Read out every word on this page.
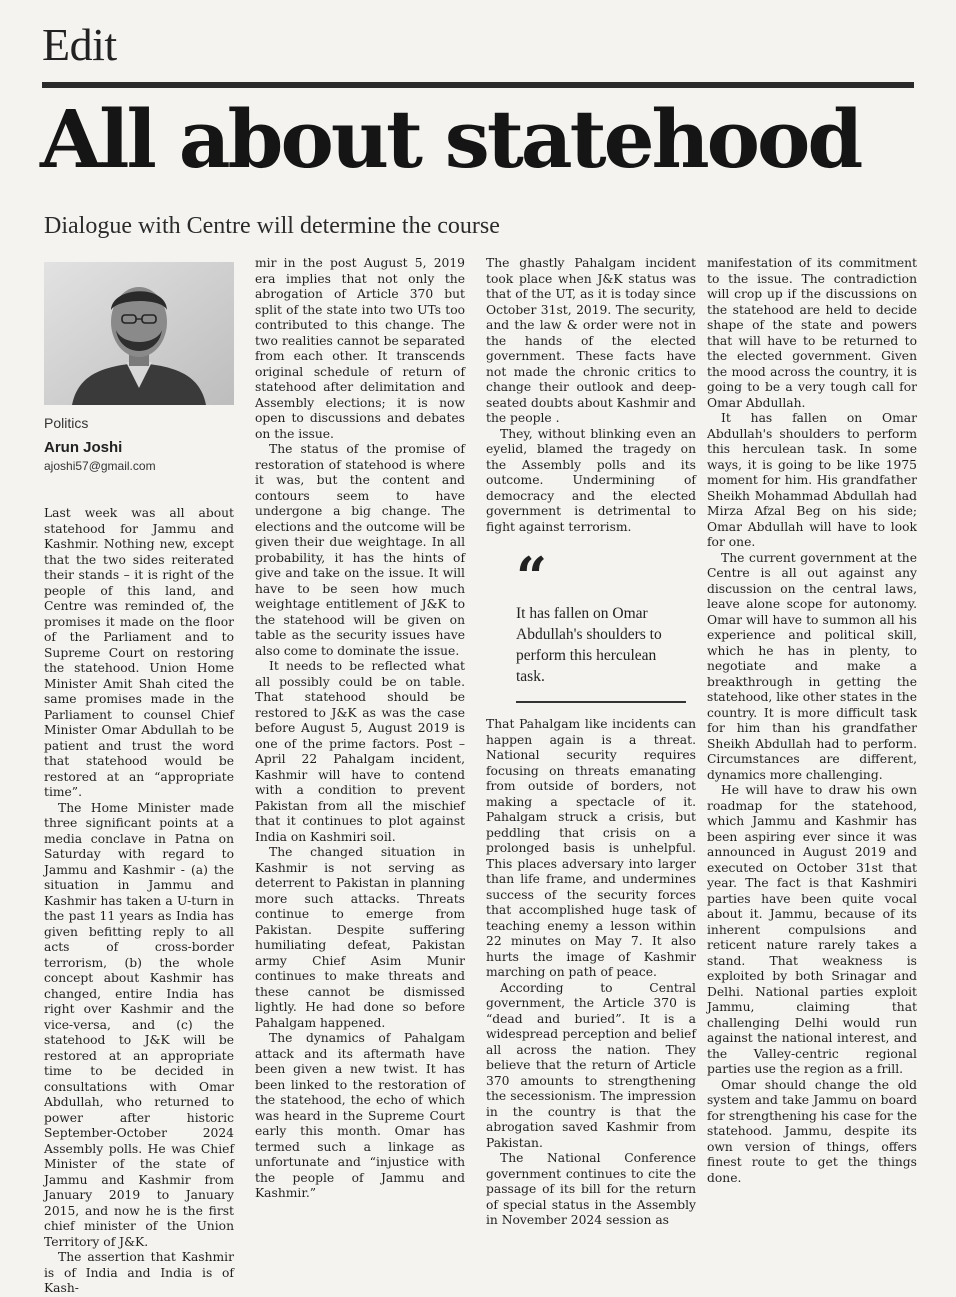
Edit
All about statehood
Dialogue with Centre will determine the course
Politics
Arun Joshi
ajoshi57@gmail.com

Last week was all about statehood for Jammu and Kashmir. Nothing new, except that the two sides reiterated their stands – it is right of the people of this land, and Centre was reminded of, the promises it made on the floor of the Parliament and to Supreme Court on restoring the statehood. Union Home Minister Amit Shah cited the same promises made in the Parliament to counsel Chief Minister Omar Abdullah to be patient and trust the word that statehood would be restored at an “appropriate time”.

The Home Minister made three significant points at a media conclave in Patna on Saturday with regard to Jammu and Kashmir - (a) the situation in Jammu and Kashmir has taken a U-turn in the past 11 years as India has given befitting reply to all acts of cross-border terrorism, (b) the whole concept about Kashmir has changed, entire India has right over Kashmir and the vice-versa, and (c) the statehood to J&K will be restored at an appropriate time to be decided in consultations with Omar Abdullah, who returned to power after historic September-October 2024 Assembly polls. He was Chief Minister of the state of Jammu and Kashmir from January 2019 to January 2015, and now he is the first chief minister of the Union Territory of J&K.

The assertion that Kashmir is of India and India is of Kash-

mir in the post August 5, 2019 era implies that not only the abrogation of Article 370 but split of the state into two UTs too contributed to this change. The two realities cannot be separated from each other. It transcends original schedule of return of statehood after delimitation and Assembly elections; it is now open to discussions and debates on the issue.

The status of the promise of restoration of statehood is where it was, but the content and contours seem to have undergone a big change. The elections and the outcome will be given their due weightage. In all probability, it has the hints of give and take on the issue. It will have to be seen how much weightage entitlement of J&K to the statehood will be given on table as the security issues have also come to dominate the issue.

It needs to be reflected what all possibly could be on table. That statehood should be restored to J&K as was the case before August 5, August 2019 is one of the prime factors. Post –April 22 Pahalgam incident, Kashmir will have to contend with a condition to prevent Pakistan from all the mischief that it continues to plot against India on Kashmiri soil.

The changed situation in Kashmir is not serving as deterrent to Pakistan in planning more such attacks. Threats continue to emerge from Pakistan. Despite suffering humiliating defeat, Pakistan army Chief Asim Munir continues to make threats and these cannot be dismissed lightly. He had done so before Pahalgam happened.

The dynamics of Pahalgam attack and its aftermath have been given a new twist. It has been linked to the restoration of the statehood, the echo of which was heard in the Supreme Court early this month. Omar has termed such a linkage as unfortunate and “injustice with the people of Jammu and Kashmir.”

The ghastly Pahalgam incident took place when J&K status was that of the UT, as it is today since October 31st, 2019. The security, and the law & order were not in the hands of the elected government. These facts have not made the chronic critics to change their outlook and deep-seated doubts about Kashmir and the people .

They, without blinking even an eyelid, blamed the tragedy on the Assembly polls and its outcome. Undermining of democracy and the elected government is detrimental to fight against terrorism.

“
It has fallen on Omar Abdullah's shoulders to perform this herculean task.

That Pahalgam like incidents can happen again is a threat. National security requires focusing on threats emanating from outside of borders, not making a spectacle of it. Pahalgam struck a crisis, but peddling that crisis on a prolonged basis is unhelpful. This places adversary into larger than life frame, and undermines success of the security forces that accomplished huge task of teaching enemy a lesson within 22 minutes on May 7. It also hurts the image of Kashmir marching on path of peace.

According to Central government, the Article 370 is “dead and buried”. It is a widespread perception and belief all across the nation. They believe that the return of Article 370 amounts to strengthening the secessionism. The impression in the country is that the abrogation saved Kashmir from Pakistan.

The National Conference government continues to cite the passage of its bill for the return of special status in the Assembly in November 2024 session as

manifestation of its commitment to the issue. The contradiction will crop up if the discussions on the statehood are held to decide shape of the state and powers that will have to be returned to the elected government. Given the mood across the country, it is going to be a very tough call for Omar Abdullah.

It has fallen on Omar Abdullah's shoulders to perform this herculean task. In some ways, it is going to be like 1975 moment for him. His grandfather Sheikh Mohammad Abdullah had Mirza Afzal Beg on his side; Omar Abdullah will have to look for one.

The current government at the Centre is all out against any discussion on the central laws, leave alone scope for autonomy. Omar will have to summon all his experience and political skill, which he has in plenty, to negotiate and make a breakthrough in getting the statehood, like other states in the country. It is more difficult task for him than his grandfather Sheikh Abdullah had to perform. Circumstances are different, dynamics more challenging.

He will have to draw his own roadmap for the statehood, which Jammu and Kashmir has been aspiring ever since it was announced in August 2019 and executed on October 31st that year. The fact is that Kashmiri parties have been quite vocal about it. Jammu, because of its inherent compulsions and reticent nature rarely takes a stand. That weakness is exploited by both Srinagar and Delhi. National parties exploit Jammu, claiming that challenging Delhi would run against the national interest, and the Valley-centric regional parties use the region as a frill.

Omar should change the old system and take Jammu on board for strengthening his case for the statehood. Jammu, despite its own version of things, offers finest route to get the things done.
